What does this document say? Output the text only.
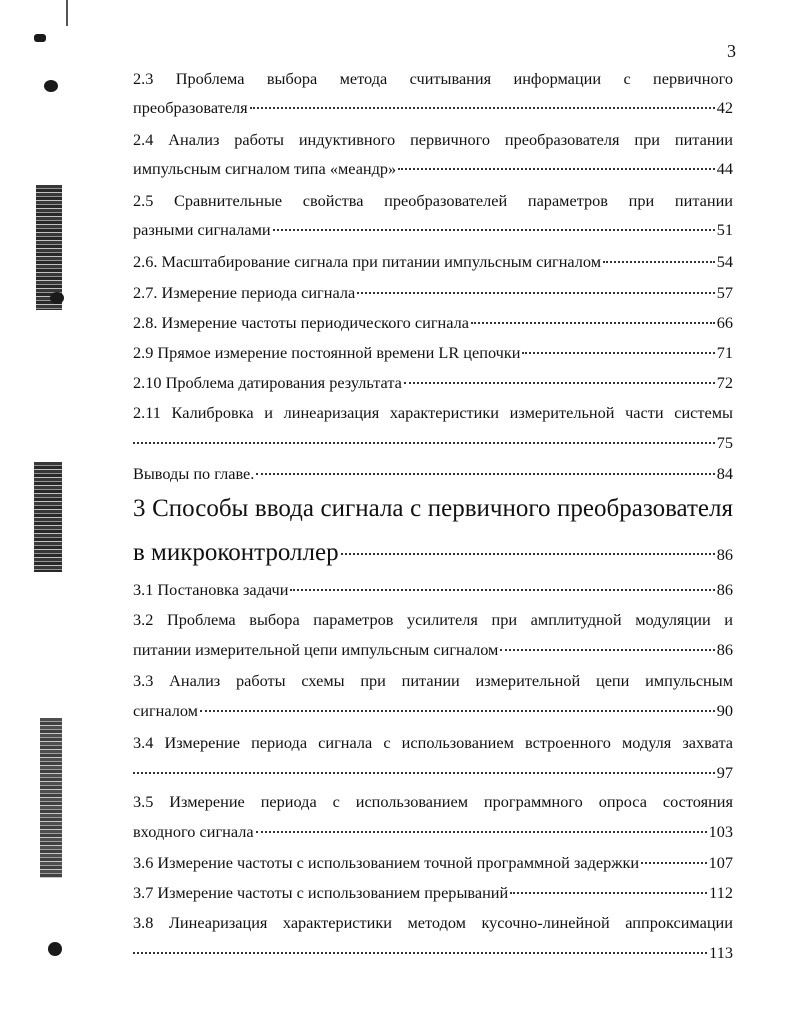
3
2.3 Проблема выбора метода считывания информации с первичного
преобразователя	42
2.4 Анализ работы индуктивного первичного преобразователя при питании
импульсным сигналом типа «меандр»	44
2.5 Сравнительные свойства преобразователей параметров при питании
разными сигналами	51
2.6. Масштабирование сигнала при питании импульсным сигналом	54
2.7. Измерение периода сигнала	57
2.8. Измерение частоты периодического сигнала	66
2.9 Прямое измерение постоянной времени LR цепочки	71
2.10 Проблема датирования результата	72
2.11 Калибровка и линеаризация характеристики измерительной части системы
75
Выводы по главе.	84
3 Способы ввода сигнала с первичного преобразователя
в микроконтроллер	86
3.1 Постановка задачи	86
3.2 Проблема выбора параметров усилителя при амплитудной модуляции и
питании измерительной цепи импульсным сигналом	86
3.3 Анализ работы схемы при питании измерительной цепи импульсным
сигналом	90
3.4 Измерение периода сигнала с использованием встроенного модуля захвата
97
3.5 Измерение периода с использованием программного опроса состояния
входного сигнала	103
3.6 Измерение частоты с использованием точной программной задержки	107
3.7 Измерение частоты с использованием прерываний	112
3.8 Линеаризация характеристики методом кусочно-линейной аппроксимации
113
